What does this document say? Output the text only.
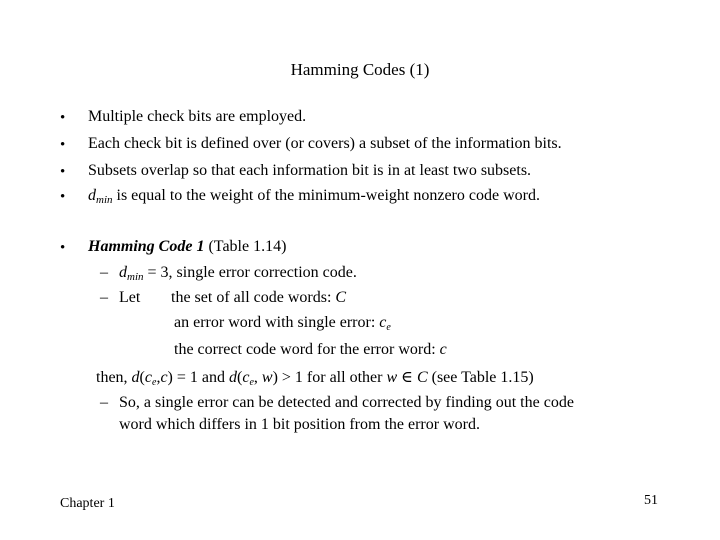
Hamming Codes (1)
• Multiple check bits are employed.
• Each check bit is defined over (or covers) a subset of the information bits.
• Subsets overlap so that each information bit is in at least two subsets.
• dmin is equal to the weight of the minimum-weight nonzero code word.
• Hamming Code 1 (Table 1.14)
– dmin = 3, single error correction code.
– Let the set of all code words: C
an error word with single error: ce
the correct code word for the error word: c
then, d(ce,c) = 1 and d(ce, w) > 1 for all other w ∈ C (see Table 1.15)
– So, a single error can be detected and corrected by finding out the code
word which differs in 1 bit position from the error word.
Chapter 1	51
